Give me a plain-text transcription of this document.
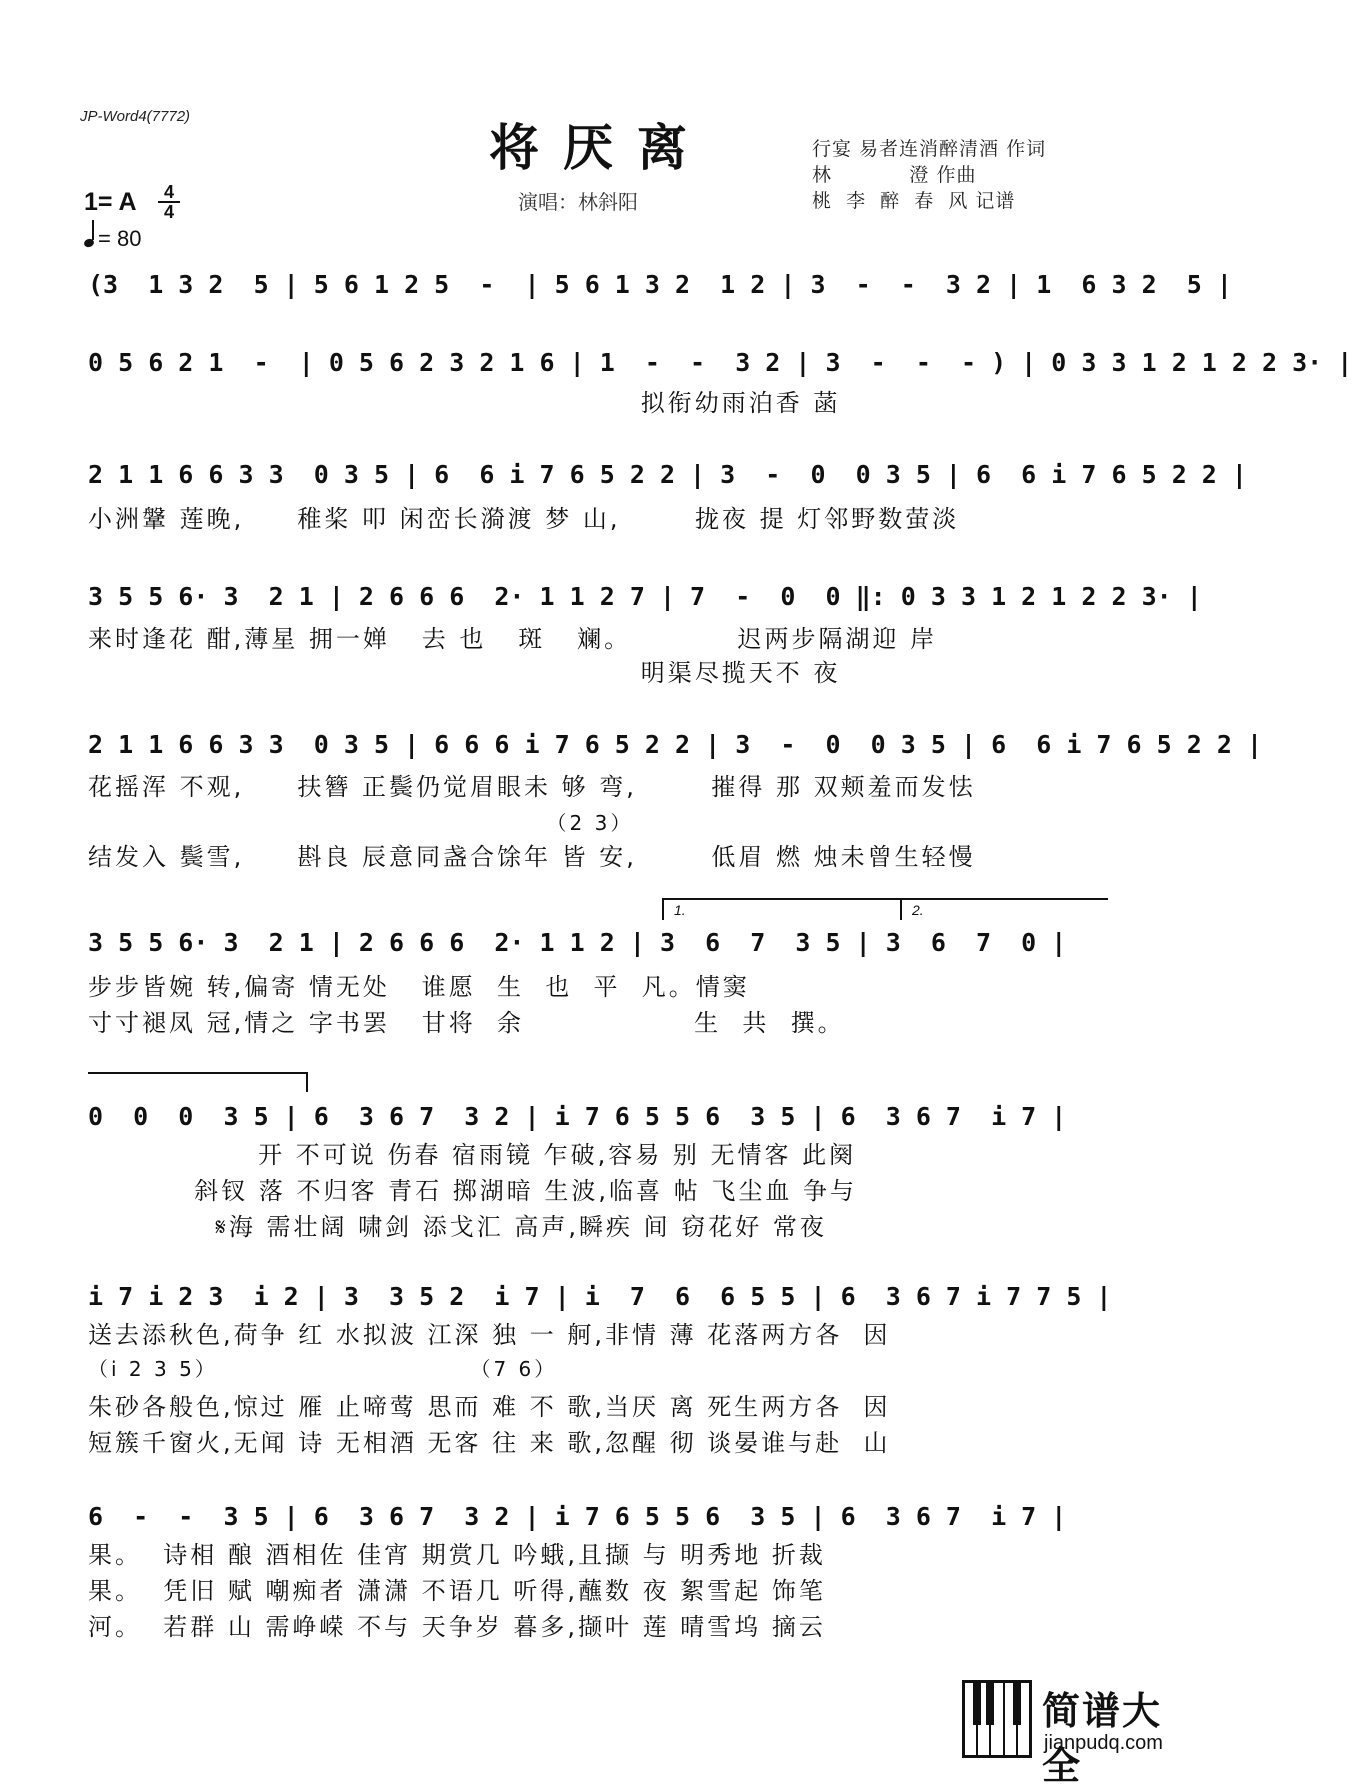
JP-Word4(7772)
将厌离
演唱：林斜阳
行宴 易者连消醉清酒 作词
林           澄 作曲
桃  李  醉  春  风 记谱
1= A	4
4
= 80
(3  1 3 2  5 | 5 6 1 2 5  -  | 5 6 1 3 2  1 2 | 3  -  -  3 2 | 1  6 3 2  5 |
0 5 6 2 1  -  | 0 5 6 2 3 2 1 6 | 1  -  -  3 2 | 3  -  -  - ) | 0 3 3 1 2 1 2 2 3· |
拟衔幼雨泊香 菡
2 1 1 6 6 3 3  0 3 5 | 6  6 i 7 6 5 2 2 | 3  -  0  0 3 5 | 6  6 i 7 6 5 2 2 |
小洲鞶 莲晚,     稚桨 叩 闲峦长漪渡 梦 山,       拢夜 提 灯邻野数萤淡
3 5 5 6· 3  2 1 | 2 6 6 6  2· 1 1 2 7 | 7  -  0  0 ‖: 0 3 3 1 2 1 2 2 3· |
来时逢花 酣,薄星 拥一婵   去 也   斑   斓。          迟两步隔湖迎 岸
明渠尽揽天不 夜
2 1 1 6 6 3 3  0 3 5 | 6 6 6 i 7 6 5 2 2 | 3  -  0  0 3 5 | 6  6 i 7 6 5 2 2 |
花摇浑 不观,     扶簪 正鬓仍觉眉眼未 够 弯,       摧得 那 双颊羞而发怯
（2 3）
结发入 鬓雪,     斟良 辰意同盏合馀年 皆 安,       低眉 燃 烛未曾生轻慢
1.	2.
3 5 5 6· 3  2 1 | 2 6 6 6  2· 1 1 2 | 3  6  7  3 5 | 3  6  7  0 |
步步皆婉 转,偏寄 情无处   谁愿  生  也  平  凡。情窦
寸寸褪凤 冠,情之 字书罢   甘将  余                生  共  撰。
0  0  0  3 5 | 6  3 6 7  3 2 | i 7 6 5 5 6  3 5 | 6  3 6 7  i 7 |
开 不可说 伤春 宿雨镜 乍破,容易 别 无情客 此阕
斜钗 落 不归客 青石 掷湖暗 生波,临喜 帖 飞尘血 争与
𝄋海 需壮阔 啸剑 添戈汇 高声,瞬疾 间 窃花好 常夜
i 7 i 2 3  i 2 | 3  3 5 2  i 7 | i  7  6  6 5 5 | 6  3 6 7 i 7 7 5 |
送去添秋色,荷争 红 水拟波 江深 独 一 舸,非情 薄 花落两方各  因
（i 2 3 5）                           （7 6）
朱砂各般色,惊过 雁 止啼莺 思而 难 不 歌,当厌 离 死生两方各  因
短簇千窗火,无闻 诗 无相酒 无客 往 来 歌,忽醒 彻 谈晏谁与赴  山
6  -  -  3 5 | 6  3 6 7  3 2 | i 7 6 5 5 6  3 5 | 6  3 6 7  i 7 |
果。  诗相 酿 酒相佐 佳宵 期赏几 吟蛾,且撷 与 明秀地 折裁
果。  凭旧 赋 嘲痴者 潇潇 不语几 听得,蘸数 夜 絮雪起 饰笔
河。  若群 山 需峥嵘 不与 天争岁 暮多,撷叶 莲 晴雪坞 摘云
简谱大全
jianpudq.com
